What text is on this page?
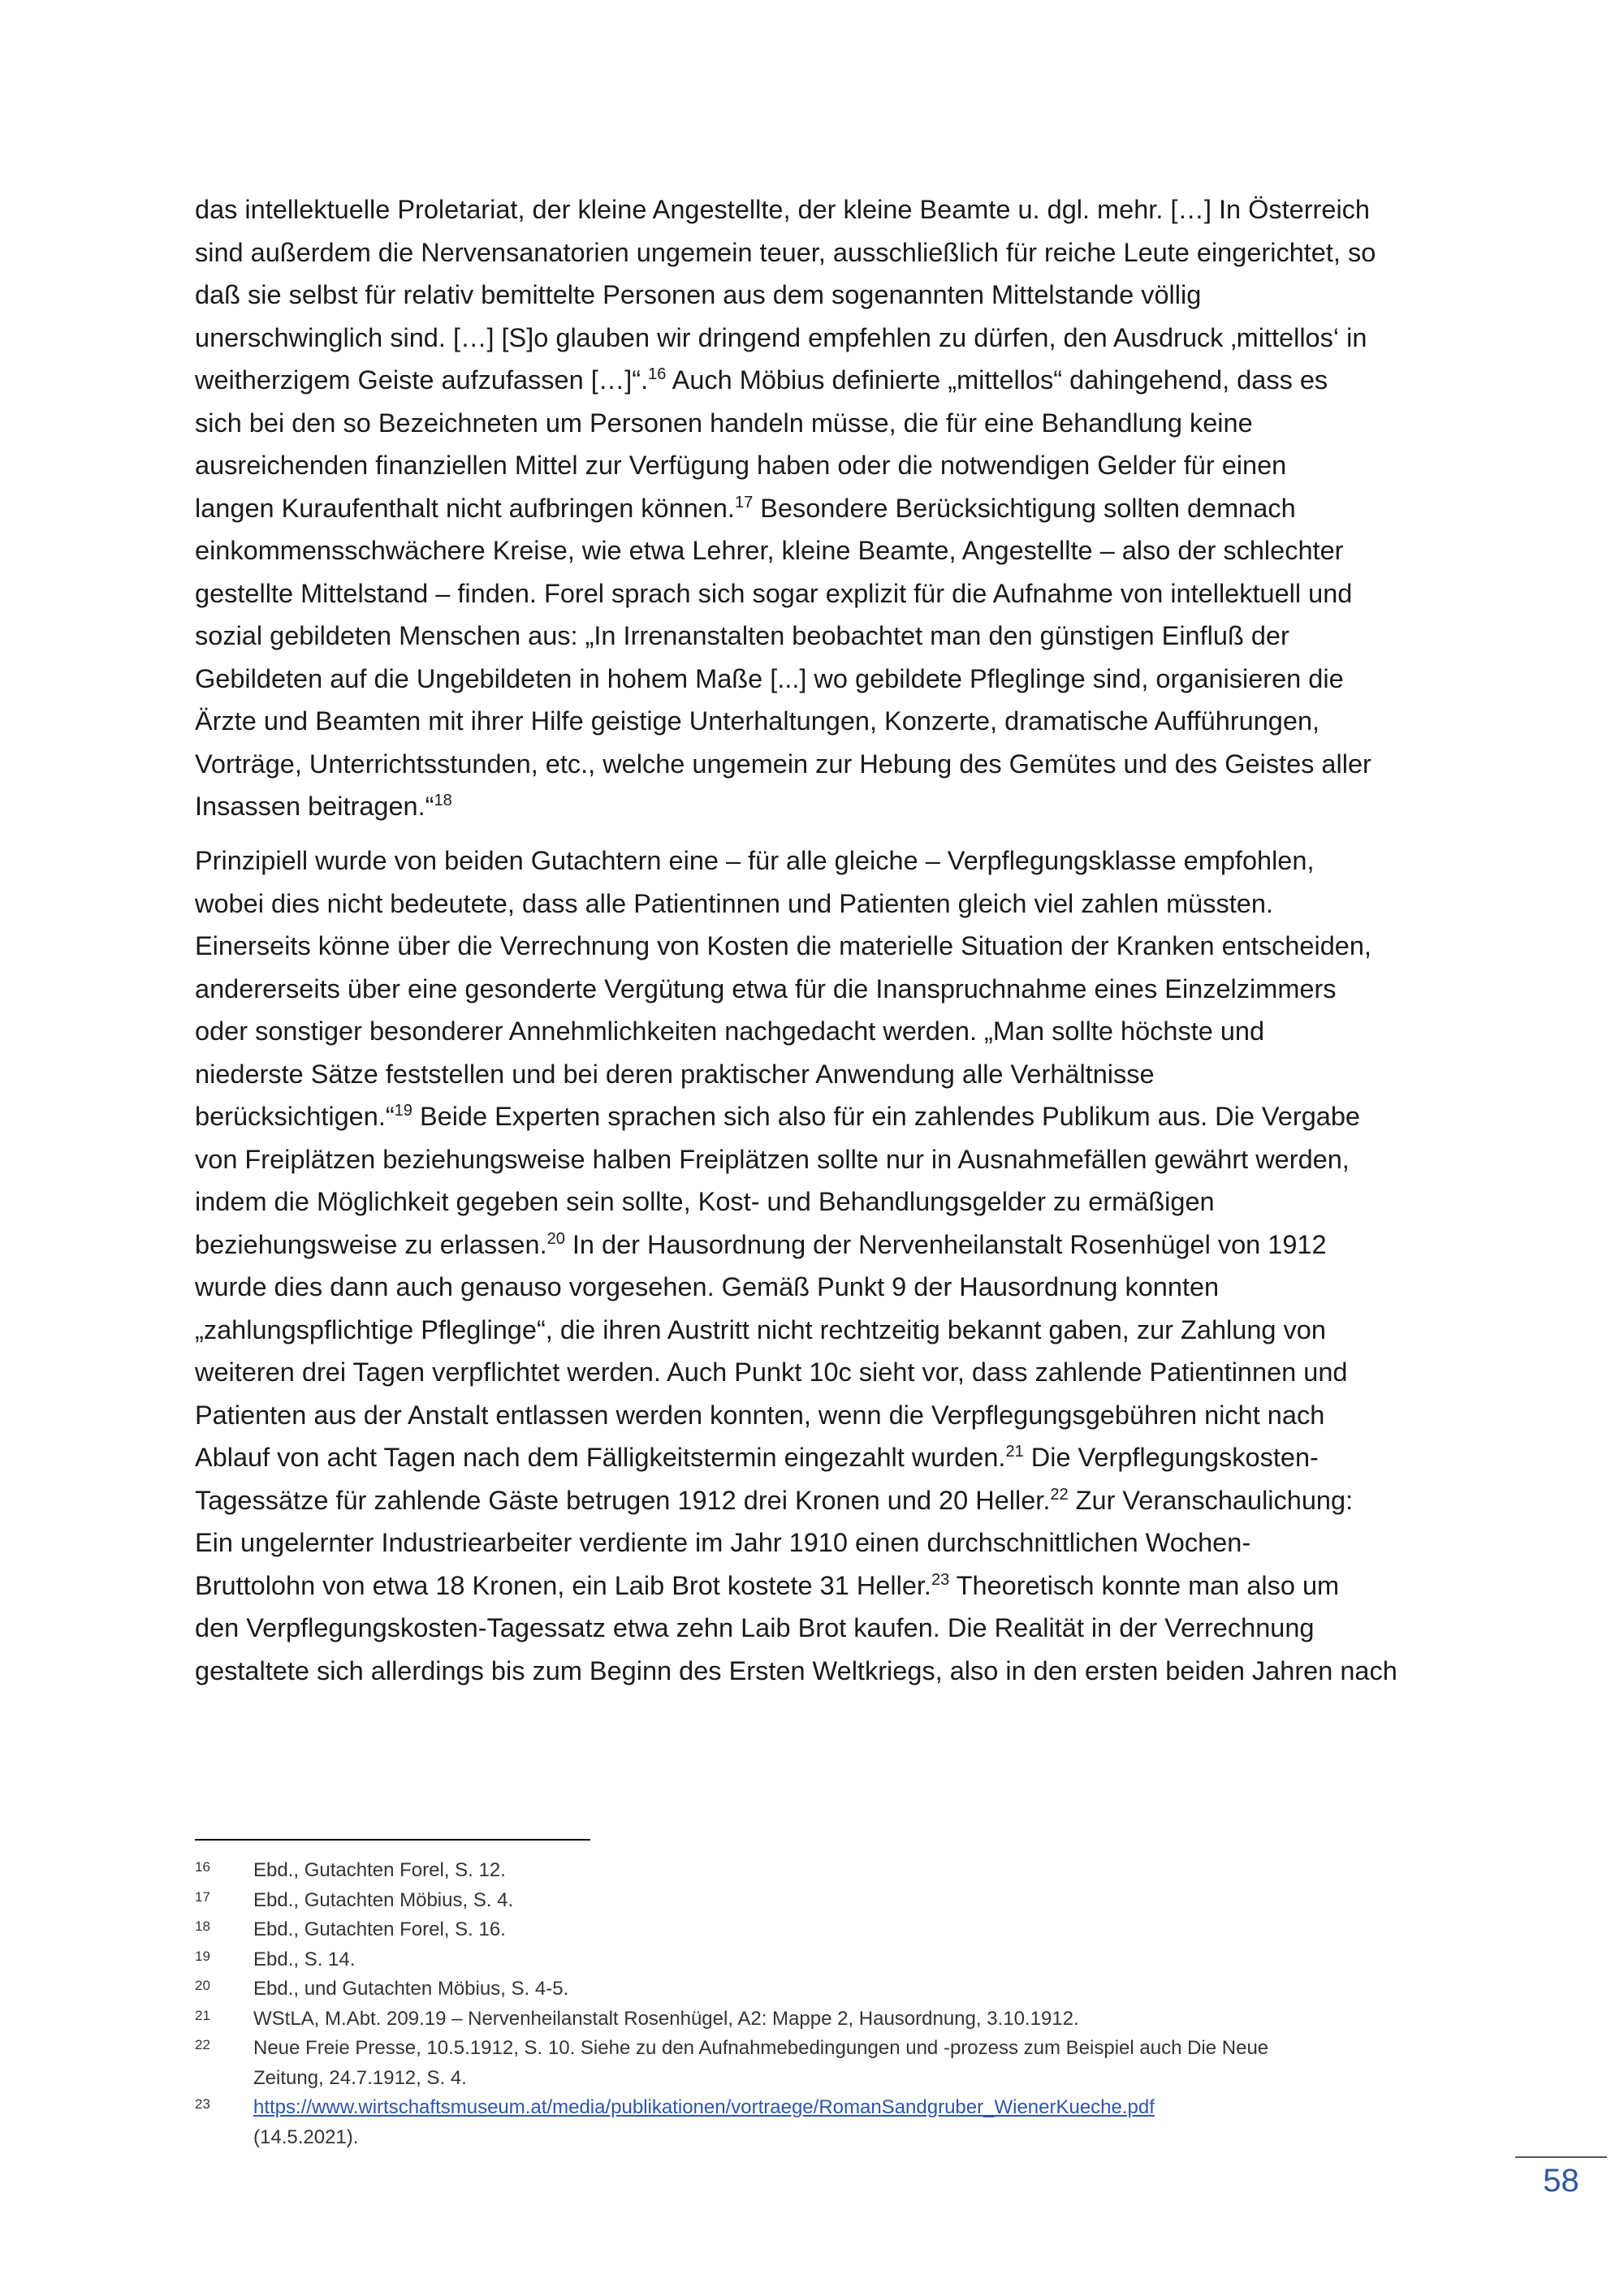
das intellektuelle Proletariat, der kleine Angestellte, der kleine Beamte u. dgl. mehr. […] In Österreich
sind außerdem die Nervensanatorien ungemein teuer, ausschließlich für reiche Leute eingerichtet, so
daß sie selbst für relativ bemittelte Personen aus dem sogenannten Mittelstande völlig
unerschwinglich sind. […] [S]o glauben wir dringend empfehlen zu dürfen, den Ausdruck ‚mittellos‘ in
weitherzigem Geiste aufzufassen […]“.$^{16}$ Auch Möbius definierte „mittellos“ dahingehend, dass es
sich bei den so Bezeichneten um Personen handeln müsse, die für eine Behandlung keine
ausreichenden finanziellen Mittel zur Verfügung haben oder die notwendigen Gelder für einen
langen Kuraufenthalt nicht aufbringen können.$^{17}$ Besondere Berücksichtigung sollten demnach
einkommensschwächere Kreise, wie etwa Lehrer, kleine Beamte, Angestellte – also der schlechter
gestellte Mittelstand – finden. Forel sprach sich sogar explizit für die Aufnahme von intellektuell und
sozial gebildeten Menschen aus: „In Irrenanstalten beobachtet man den günstigen Einfluß der
Gebildeten auf die Ungebildeten in hohem Maße [...] wo gebildete Pfleglinge sind, organisieren die
Ärzte und Beamten mit ihrer Hilfe geistige Unterhaltungen, Konzerte, dramatische Aufführungen,
Vorträge, Unterrichtsstunden, etc., welche ungemein zur Hebung des Gemütes und des Geistes aller
Insassen beitragen.“$^{18}$
Prinzipiell wurde von beiden Gutachtern eine – für alle gleiche – Verpflegungsklasse empfohlen,
wobei dies nicht bedeutete, dass alle Patientinnen und Patienten gleich viel zahlen müssten.
Einerseits könne über die Verrechnung von Kosten die materielle Situation der Kranken entscheiden,
andererseits über eine gesonderte Vergütung etwa für die Inanspruchnahme eines Einzelzimmers
oder sonstiger besonderer Annehmlichkeiten nachgedacht werden. „Man sollte höchste und
niederste Sätze feststellen und bei deren praktischer Anwendung alle Verhältnisse
berücksichtigen.“$^{19}$ Beide Experten sprachen sich also für ein zahlendes Publikum aus. Die Vergabe
von Freiplätzen beziehungsweise halben Freiplätzen sollte nur in Ausnahmefällen gewährt werden,
indem die Möglichkeit gegeben sein sollte, Kost- und Behandlungsgelder zu ermäßigen
beziehungsweise zu erlassen.$^{20}$ In der Hausordnung der Nervenheilanstalt Rosenhügel von 1912
wurde dies dann auch genauso vorgesehen. Gemäß Punkt 9 der Hausordnung konnten
„zahlungspflichtige Pfleglinge“, die ihren Austritt nicht rechtzeitig bekannt gaben, zur Zahlung von
weiteren drei Tagen verpflichtet werden. Auch Punkt 10c sieht vor, dass zahlende Patientinnen und
Patienten aus der Anstalt entlassen werden konnten, wenn die Verpflegungsgebühren nicht nach
Ablauf von acht Tagen nach dem Fälligkeitstermin eingezahlt wurden.$^{21}$ Die Verpflegungskosten-
Tagessätze für zahlende Gäste betrugen 1912 drei Kronen und 20 Heller.$^{22}$ Zur Veranschaulichung:
Ein ungelernter Industriearbeiter verdiente im Jahr 1910 einen durchschnittlichen Wochen-
Bruttolohn von etwa 18 Kronen, ein Laib Brot kostete 31 Heller.$^{23}$ Theoretisch konnte man also um
den Verpflegungskosten-Tagessatz etwa zehn Laib Brot kaufen. Die Realität in der Verrechnung
gestaltete sich allerdings bis zum Beginn des Ersten Weltkriegs, also in den ersten beiden Jahren nach
16 Ebd., Gutachten Forel, S. 12.
17 Ebd., Gutachten Möbius, S. 4.
18 Ebd., Gutachten Forel, S. 16.
19 Ebd., S. 14.
20 Ebd., und Gutachten Möbius, S. 4-5.
21 WStLA, M.Abt. 209.19 – Nervenheilanstalt Rosenhügel, A2: Mappe 2, Hausordnung, 3.10.1912.
22 Neue Freie Presse, 10.5.1912, S. 10. Siehe zu den Aufnahmebedingungen und -prozess zum Beispiel auch Die Neue
Zeitung, 24.7.1912, S. 4.
23 https://www.wirtschaftsmuseum.at/media/publikationen/vortraege/RomanSandgruber_WienerKueche.pdf
(14.5.2021).
58
